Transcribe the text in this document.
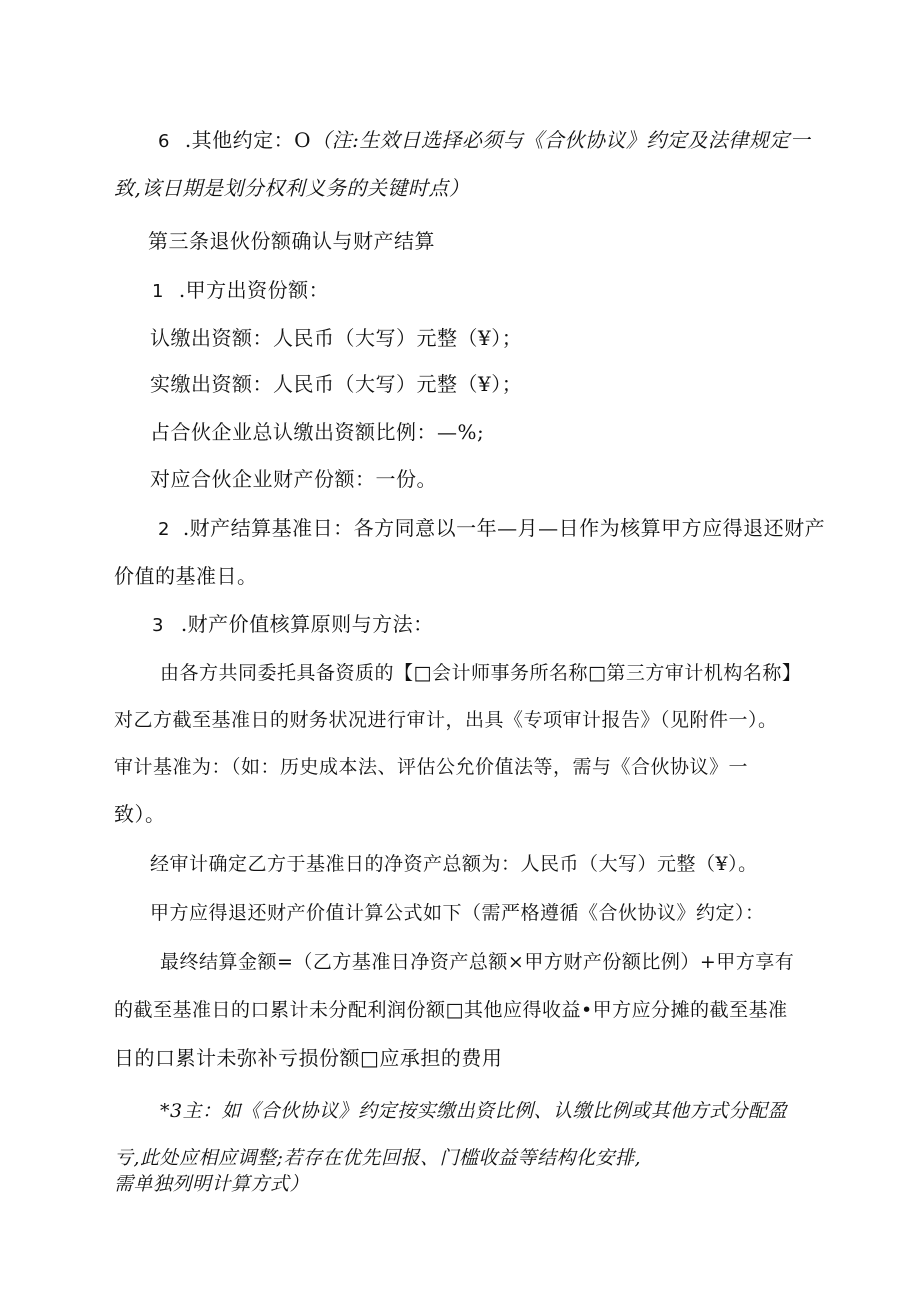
6 .其他约定：O（注:生效日选择必须与《合伙协议》约定及法律规定一
致,该日期是划分权利义务的关键时点）
第三条退伙份额确认与财产结算
1 .甲方出资份额：
认缴出资额：人民币（大写）元整（¥）；
实缴出资额：人民币（大写）元整（¥）；
占合伙企业总认缴出资额比例：—%;
对应合伙企业财产份额：一份。
2 .财产结算基准日：各方同意以一年—月—日作为核算甲方应得退还财产
价值的基准日。
3 .财产价值核算原则与方法：
由各方共同委托具备资质的【□会计师事务所名称□第三方审计机构名称】
对乙方截至基准日的财务状况进行审计，出具《专项审计报告》（见附件一）。
审计基准为：（如：历史成本法、评估公允价值法等，需与《合伙协议》一
致）。
经审计确定乙方于基准日的净资产总额为：人民币（大写）元整（¥）。
甲方应得退还财产价值计算公式如下（需严格遵循《合伙协议》约定）：
最终结算金额=（乙方基准日净资产总额×甲方财产份额比例）+甲方享有
的截至基准日的口累计未分配利润份额□其他应得收益•甲方应分摊的截至基准
日的口累计未弥补亏损份额□应承担的费用
*3主：如《合伙协议》约定按实缴出资比例、认缴比例或其他方式分配盈
亏,此处应相应调整;若存在优先回报、门槛收益等结构化安排,
需单独列明计算方式）
